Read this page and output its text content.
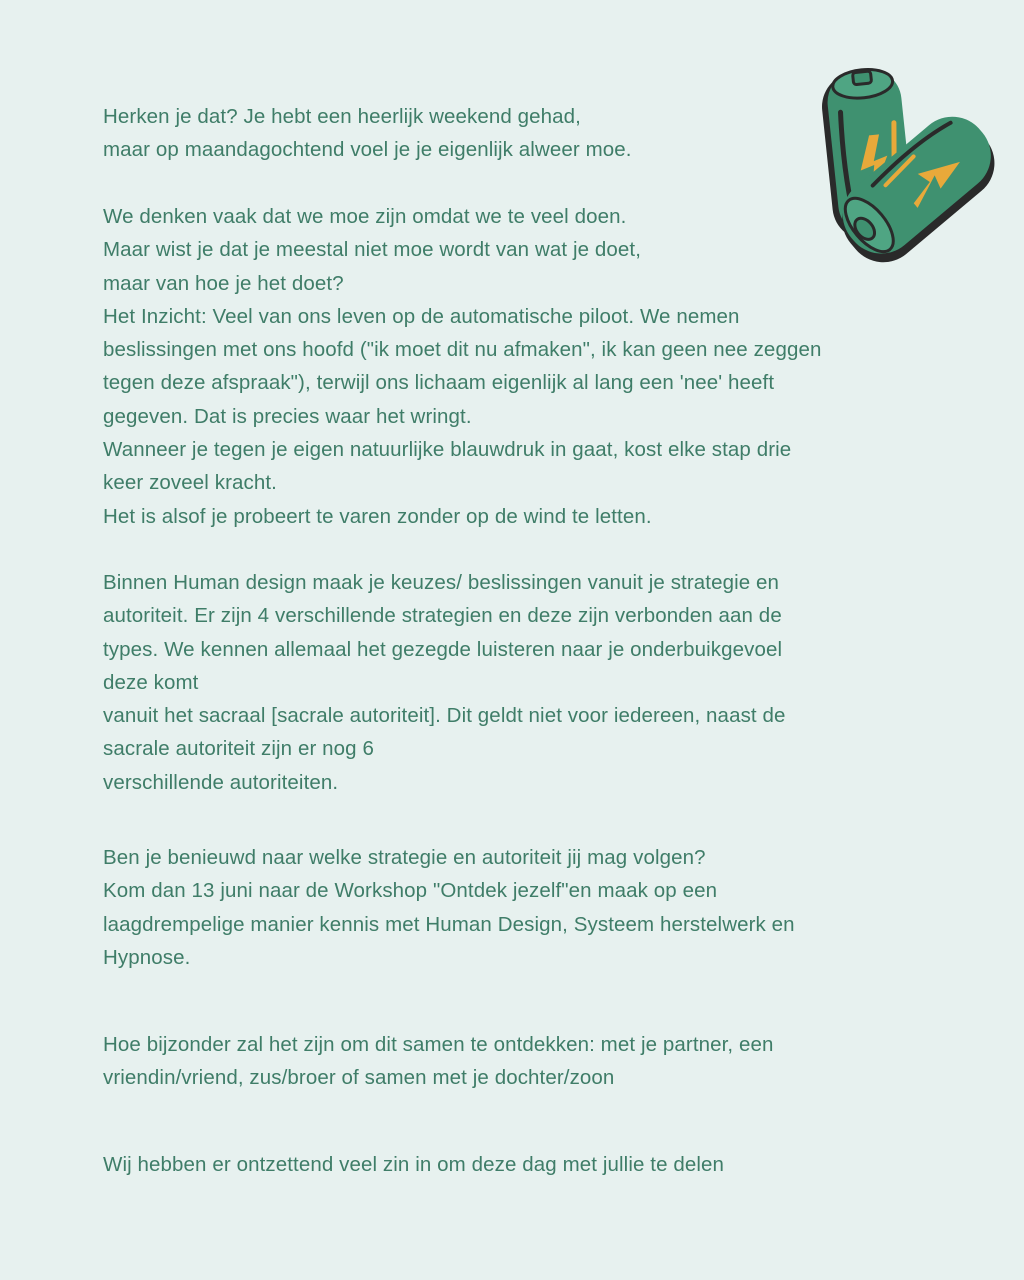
Herken je dat? Je hebt een heerlijk weekend gehad,
maar op maandagochtend voel je je eigenlijk alweer moe.

We denken vaak dat we moe zijn omdat we te veel doen.
Maar wist je dat je meestal niet moe wordt van wat je doet,
maar van hoe je het doet?
Het Inzicht: Veel van ons leven op de automatische piloot. We nemen
beslissingen met ons hoofd ("ik moet dit nu afmaken", ik kan geen nee zeggen
tegen deze afspraak"), terwijl ons lichaam eigenlijk al lang een 'nee' heeft
gegeven. Dat is precies waar het wringt.
Wanneer je tegen je eigen natuurlijke blauwdruk in gaat, kost elke stap drie
keer zoveel kracht.
Het is alsof je probeert te varen zonder op de wind te letten.

Binnen Human design maak je keuzes/ beslissingen vanuit je strategie en
autoriteit. Er zijn 4 verschillende strategien en deze zijn verbonden aan de
types. We kennen allemaal het gezegde luisteren naar je onderbuikgevoel
deze komt
vanuit het sacraal [sacrale autoriteit]. Dit geldt niet voor iedereen, naast de
sacrale autoriteit zijn er nog 6
verschillende autoriteiten.

Ben je benieuwd naar welke strategie en autoriteit jij mag volgen?
Kom dan 13 juni naar de Workshop "Ontdek jezelf"en maak op een
laagdrempelige manier kennis met Human Design, Systeem herstelwerk en
Hypnose.

Hoe bijzonder zal het zijn om dit samen te ontdekken: met je partner, een
vriendin/vriend, zus/broer of samen met je dochter/zoon

Wij hebben er ontzettend veel zin in om deze dag met jullie te delen
